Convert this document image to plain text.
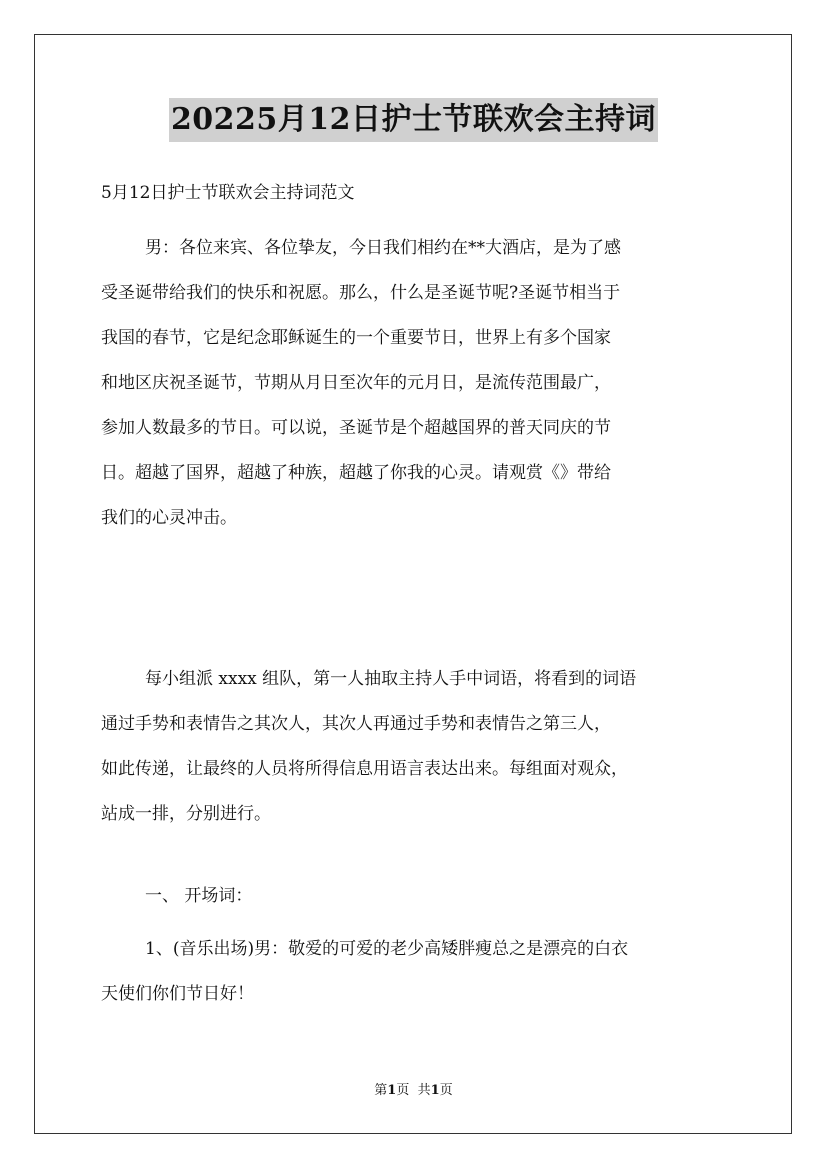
20225月12日护士节联欢会主持词
5月12日护士节联欢会主持词范文
男：各位来宾、各位挚友，今日我们相约在**大酒店，是为了感
受圣诞带给我们的快乐和祝愿。那么，什么是圣诞节呢?圣诞节相当于
我国的春节，它是纪念耶稣诞生的一个重要节日，世界上有多个国家
和地区庆祝圣诞节，节期从月日至次年的元月日，是流传范围最广，
参加人数最多的节日。可以说，圣诞节是个超越国界的普天同庆的节
日。超越了国界，超越了种族，超越了你我的心灵。请观赏《》带给
我们的心灵冲击。
每小组派 xxxx 组队，第一人抽取主持人手中词语，将看到的词语
通过手势和表情告之其次人，其次人再通过手势和表情告之第三人，
如此传递，让最终的人员将所得信息用语言表达出来。每组面对观众，
站成一排，分别进行。
一、 开场词：
1、(音乐出场)男：敬爱的可爱的老少高矮胖瘦总之是漂亮的白衣
天使们你们节日好！
第1页 共1页
